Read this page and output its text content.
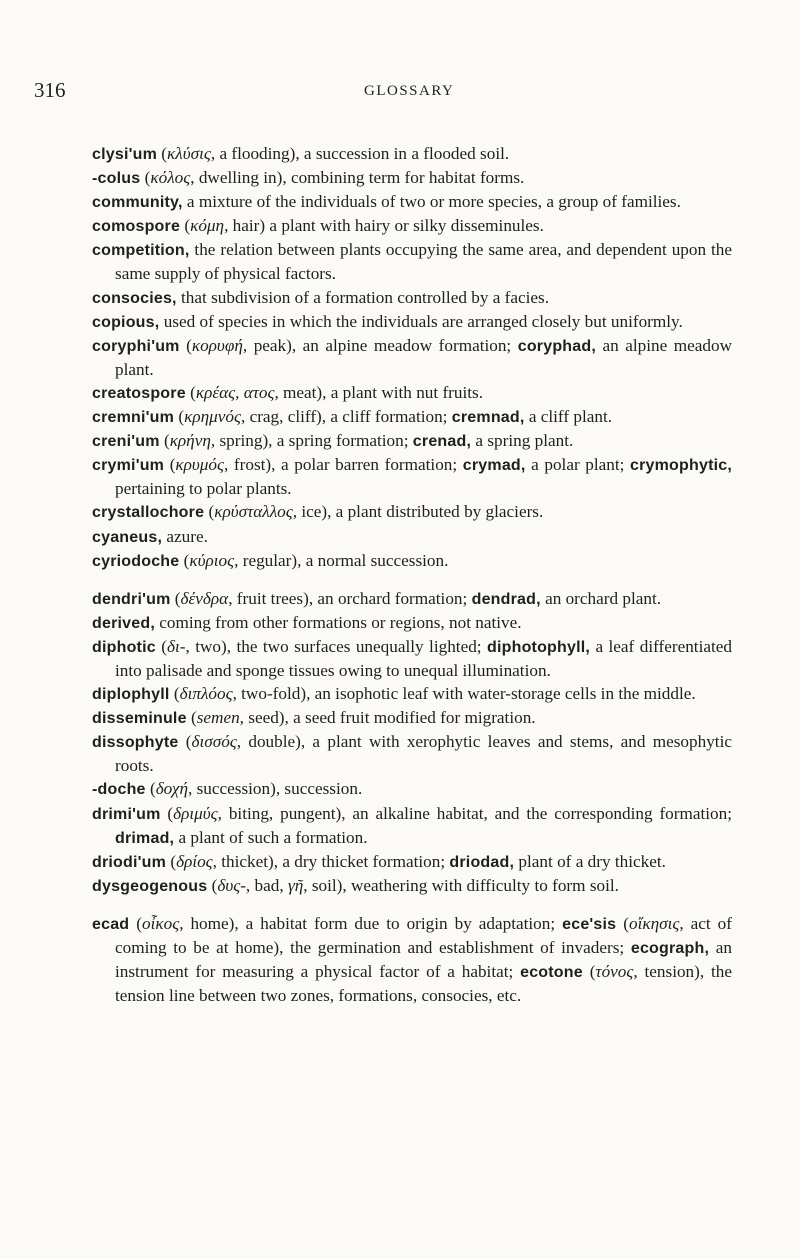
316	GLOSSARY

clysi'um (κλύσις, a flooding), a succession in a flooded soil.

-colus (κόλος, dwelling in), combining term for habitat forms.

community, a mixture of the individuals of two or more species, a group of families.

comospore (κόμη, hair) a plant with hairy or silky disseminules.

competition, the relation between plants occupying the same area, and dependent upon the same supply of physical factors.

consocies, that subdivision of a formation controlled by a facies.

copious, used of species in which the individuals are arranged closely but uniformly.

coryphi'um (κορυφή, peak), an alpine meadow formation; coryphad, an alpine meadow plant.

creatospore (κρέας, ατος, meat), a plant with nut fruits.

cremni'um (κρημνός, crag, cliff), a cliff formation; cremnad, a cliff plant.

creni'um (κρήνη, spring), a spring formation; crenad, a spring plant.

crymi'um (κρυμός, frost), a polar barren formation; crymad, a polar plant; crymophytic, pertaining to polar plants.

crystallochore (κρύσταλλος, ice), a plant distributed by glaciers.

cyaneus, azure.

cyriodoche (κύριος, regular), a normal succession.

dendri'um (δένδρα, fruit trees), an orchard formation; dendrad, an orchard plant.

derived, coming from other formations or regions, not native.

diphotic (δι-, two), the two surfaces unequally lighted; diphotophyll, a leaf differentiated into palisade and sponge tissues owing to unequal illumination.

diplophyll (διπλόος, two-fold), an isophotic leaf with water-storage cells in the middle.

disseminule (semen, seed), a seed fruit modified for migration.

dissophyte (δισσός, double), a plant with xerophytic leaves and stems, and mesophytic roots.

-doche (δοχή, succession), succession.

drimi'um (δριμύς, biting, pungent), an alkaline habitat, and the corresponding formation; drimad, a plant of such a formation.

driodi'um (δρίος, thicket), a dry thicket formation; driodad, plant of a dry thicket.

dysgeogenous (δυς-, bad, γῆ, soil), weathering with difficulty to form soil.

ecad (οἶκος, home), a habitat form due to origin by adaptation; ece'sis (οἴκησις, act of coming to be at home), the germination and establishment of invaders; ecograph, an instrument for measuring a physical factor of a habitat; ecotone (τόνος, tension), the tension line between two zones, formations, consocies, etc.
